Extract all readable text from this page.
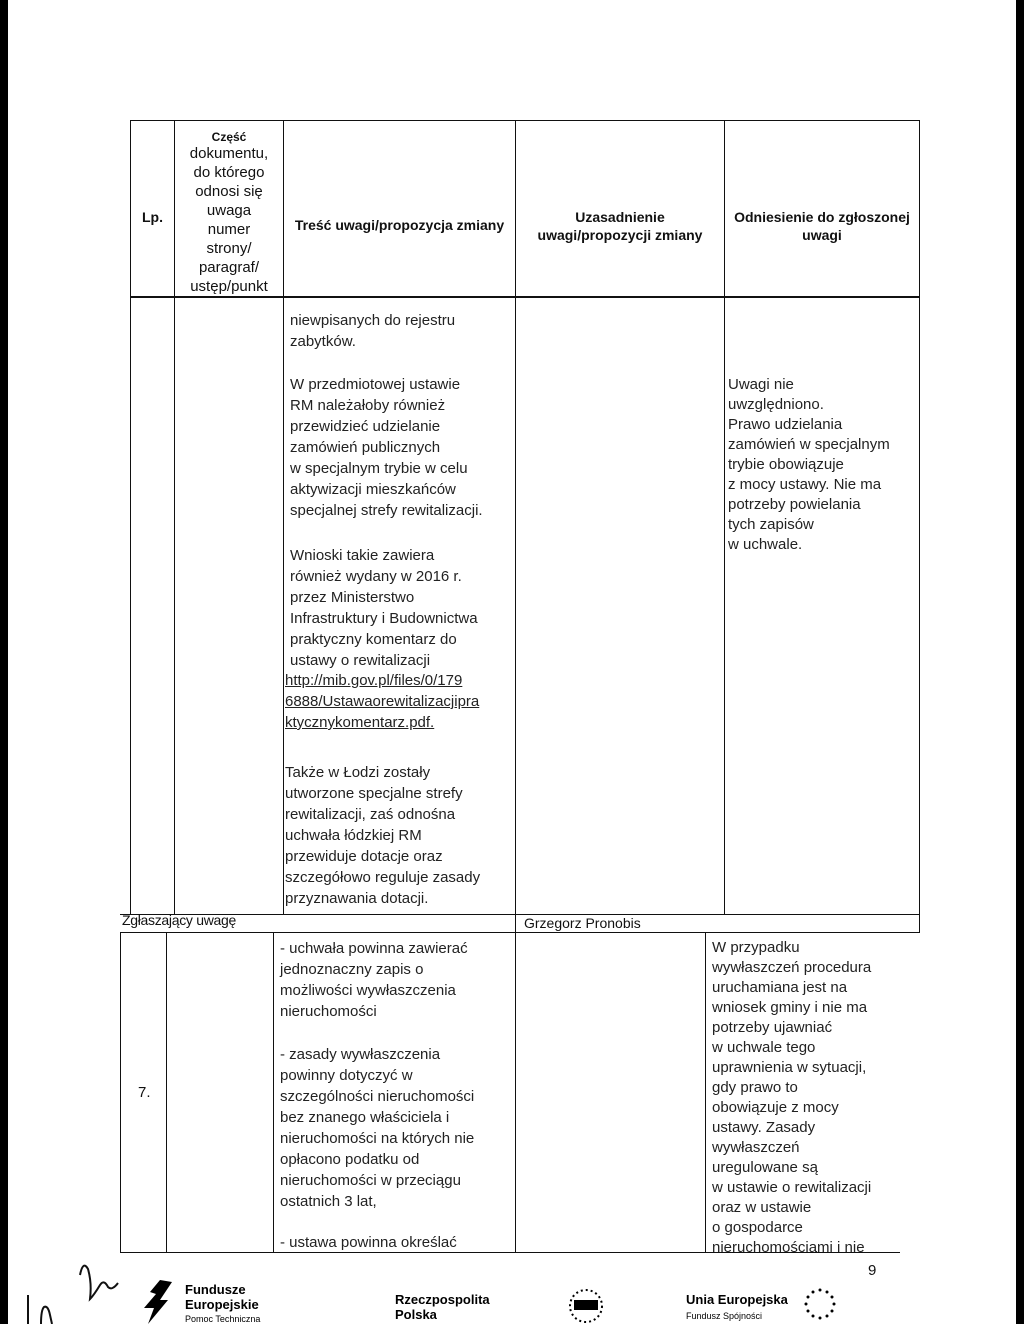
Lp.
Część
dokumentu,
do którego
odnosi się
uwaga
numer
strony/
paragraf/
ustęp/punkt
Treść uwagi/propozycja zmiany	Uzasadnienie
uwagi/propozycji zmiany
Odniesienie do zgłoszonej
uwagi
niewpisanych do rejestru
zabytków.
W przedmiotowej ustawie
RM należałoby również
przewidzieć udzielanie
zamówień publicznych
w specjalnym trybie w celu
aktywizacji mieszkańców
specjalnej strefy rewitalizacji.
Wnioski takie zawiera
również wydany w 2016 r.
przez Ministerstwo
Infrastruktury i Budownictwa
praktyczny komentarz do
ustawy o rewitalizacji
http://mib.gov.pl/files/0/179
6888/Ustawaorewitalizacjipra
ktycznykomentarz.pdf.
Także w Łodzi zostały
utworzone specjalne strefy
rewitalizacji, zaś odnośna
uchwała łódzkiej RM
przewiduje dotacje oraz
szczegółowo reguluje zasady
przyznawania dotacji.
Uwagi nie
uwzględniono.
Prawo udzielania
zamówień w specjalnym
trybie obowiązuje
z mocy ustawy. Nie ma
potrzeby powielania
tych zapisów
w uchwale.
Zgłaszający uwagę	Grzegorz Pronobis
7.
- uchwała powinna zawierać
jednoznaczny zapis o
możliwości wywłaszczenia
nieruchomości
- zasady wywłaszczenia
powinny dotyczyć w
szczególności nieruchomości
bez znanego właściciela i
nieruchomości na których nie
opłacono podatku od
nieruchomości w przeciągu
ostatnich 3 lat,
- ustawa powinna określać
W przypadku
wywłaszczeń procedura
uruchamiana jest na
wniosek gminy i nie ma
potrzeby ujawniać
w uchwale tego
uprawnienia w sytuacji,
gdy prawo to
obowiązuje z mocy
ustawy. Zasady
wywłaszczeń
uregulowane są
w ustawie o rewitalizacji
oraz w ustawie
o gospodarce
nieruchomościami i nie
9
Fundusze
Europejskie
Pomoc Techniczna
Rzeczpospolita
Polska
Unia Europejska
Fundusz Spójności
